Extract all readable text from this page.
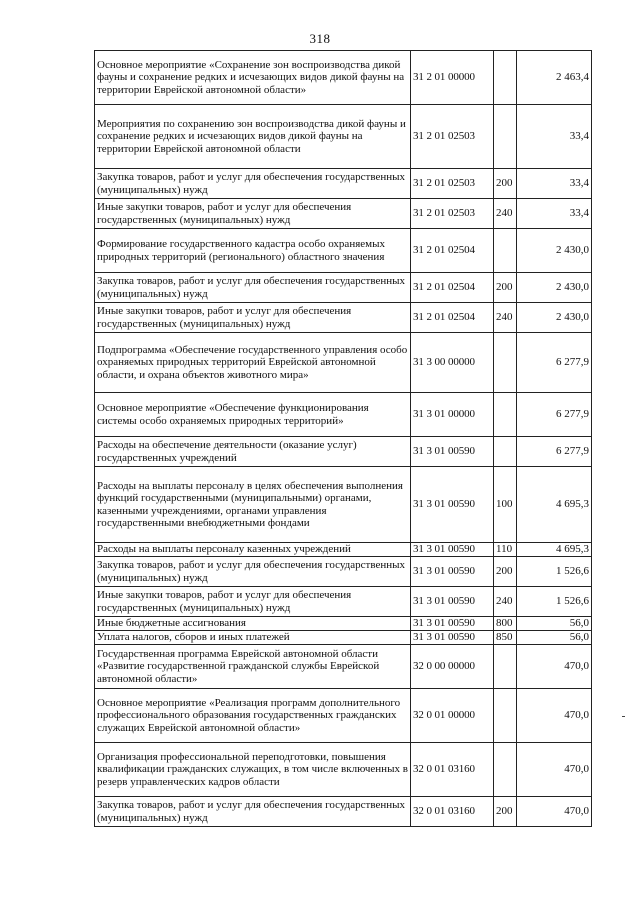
318
Основное мероприятие «Сохранение зон воспроизводства дикой фауны и сохранение редких и исчезающих видов дикой фауны на территории Еврейской автономной области»	31 2 01 00000		2 463,4
Мероприятия по сохранению зон воспроизводства дикой фауны и сохранение редких и исчезающих видов дикой фауны на территории Еврейской автономной области	31 2 01 02503		33,4
Закупка товаров, работ и услуг для обеспечения государственных (муниципальных) нужд	31 2 01 02503	200	33,4
Иные закупки товаров, работ и услуг для обеспечения государственных (муниципальных) нужд	31 2 01 02503	240	33,4
Формирование государственного кадастра особо охраняемых природных территорий (регионального) областного значения	31 2 01 02504		2 430,0
Закупка товаров, работ и услуг для обеспечения государственных (муниципальных) нужд	31 2 01 02504	200	2 430,0
Иные закупки товаров, работ и услуг для обеспечения государственных (муниципальных) нужд	31 2 01 02504	240	2 430,0
Подпрограмма «Обеспечение государственного управления особо охраняемых природных территорий Еврейской автономной области, и охрана объектов животного мира»	31 3 00 00000		6 277,9
Основное мероприятие «Обеспечение функционирования системы особо охраняемых природных территорий»	31 3 01 00000		6 277,9
Расходы на обеспечение деятельности (оказание услуг) государственных учреждений	31 3 01 00590		6 277,9
Расходы на выплаты персоналу в целях обеспечения выполнения функций государственными (муниципальными) органами, казенными учреждениями, органами управления государственными внебюджетными фондами	31 3 01 00590	100	4 695,3
Расходы на выплаты персоналу казенных учреждений	31 3 01 00590	110	4 695,3
Закупка товаров, работ и услуг для обеспечения государственных (муниципальных) нужд	31 3 01 00590	200	1 526,6
Иные закупки товаров, работ и услуг для обеспечения государственных (муниципальных) нужд	31 3 01 00590	240	1 526,6
Иные бюджетные ассигнования	31 3 01 00590	800	56,0
Уплата налогов, сборов и иных платежей	31 3 01 00590	850	56,0
Государственная программа Еврейской автономной области «Развитие государственной гражданской службы Еврейской автономной области»	32 0 00 00000		470,0
Основное мероприятие «Реализация программ дополнительного профессионального образования государственных гражданских служащих Еврейской автономной области»	32 0 01 00000		470,0
Организация профессиональной переподготовки, повышения квалификации гражданских служащих, в том числе включенных в резерв управленческих кадров области	32 0 01 03160		470,0
Закупка товаров, работ и услуг для обеспечения государственных (муниципальных) нужд	32 0 01 03160	200	470,0
